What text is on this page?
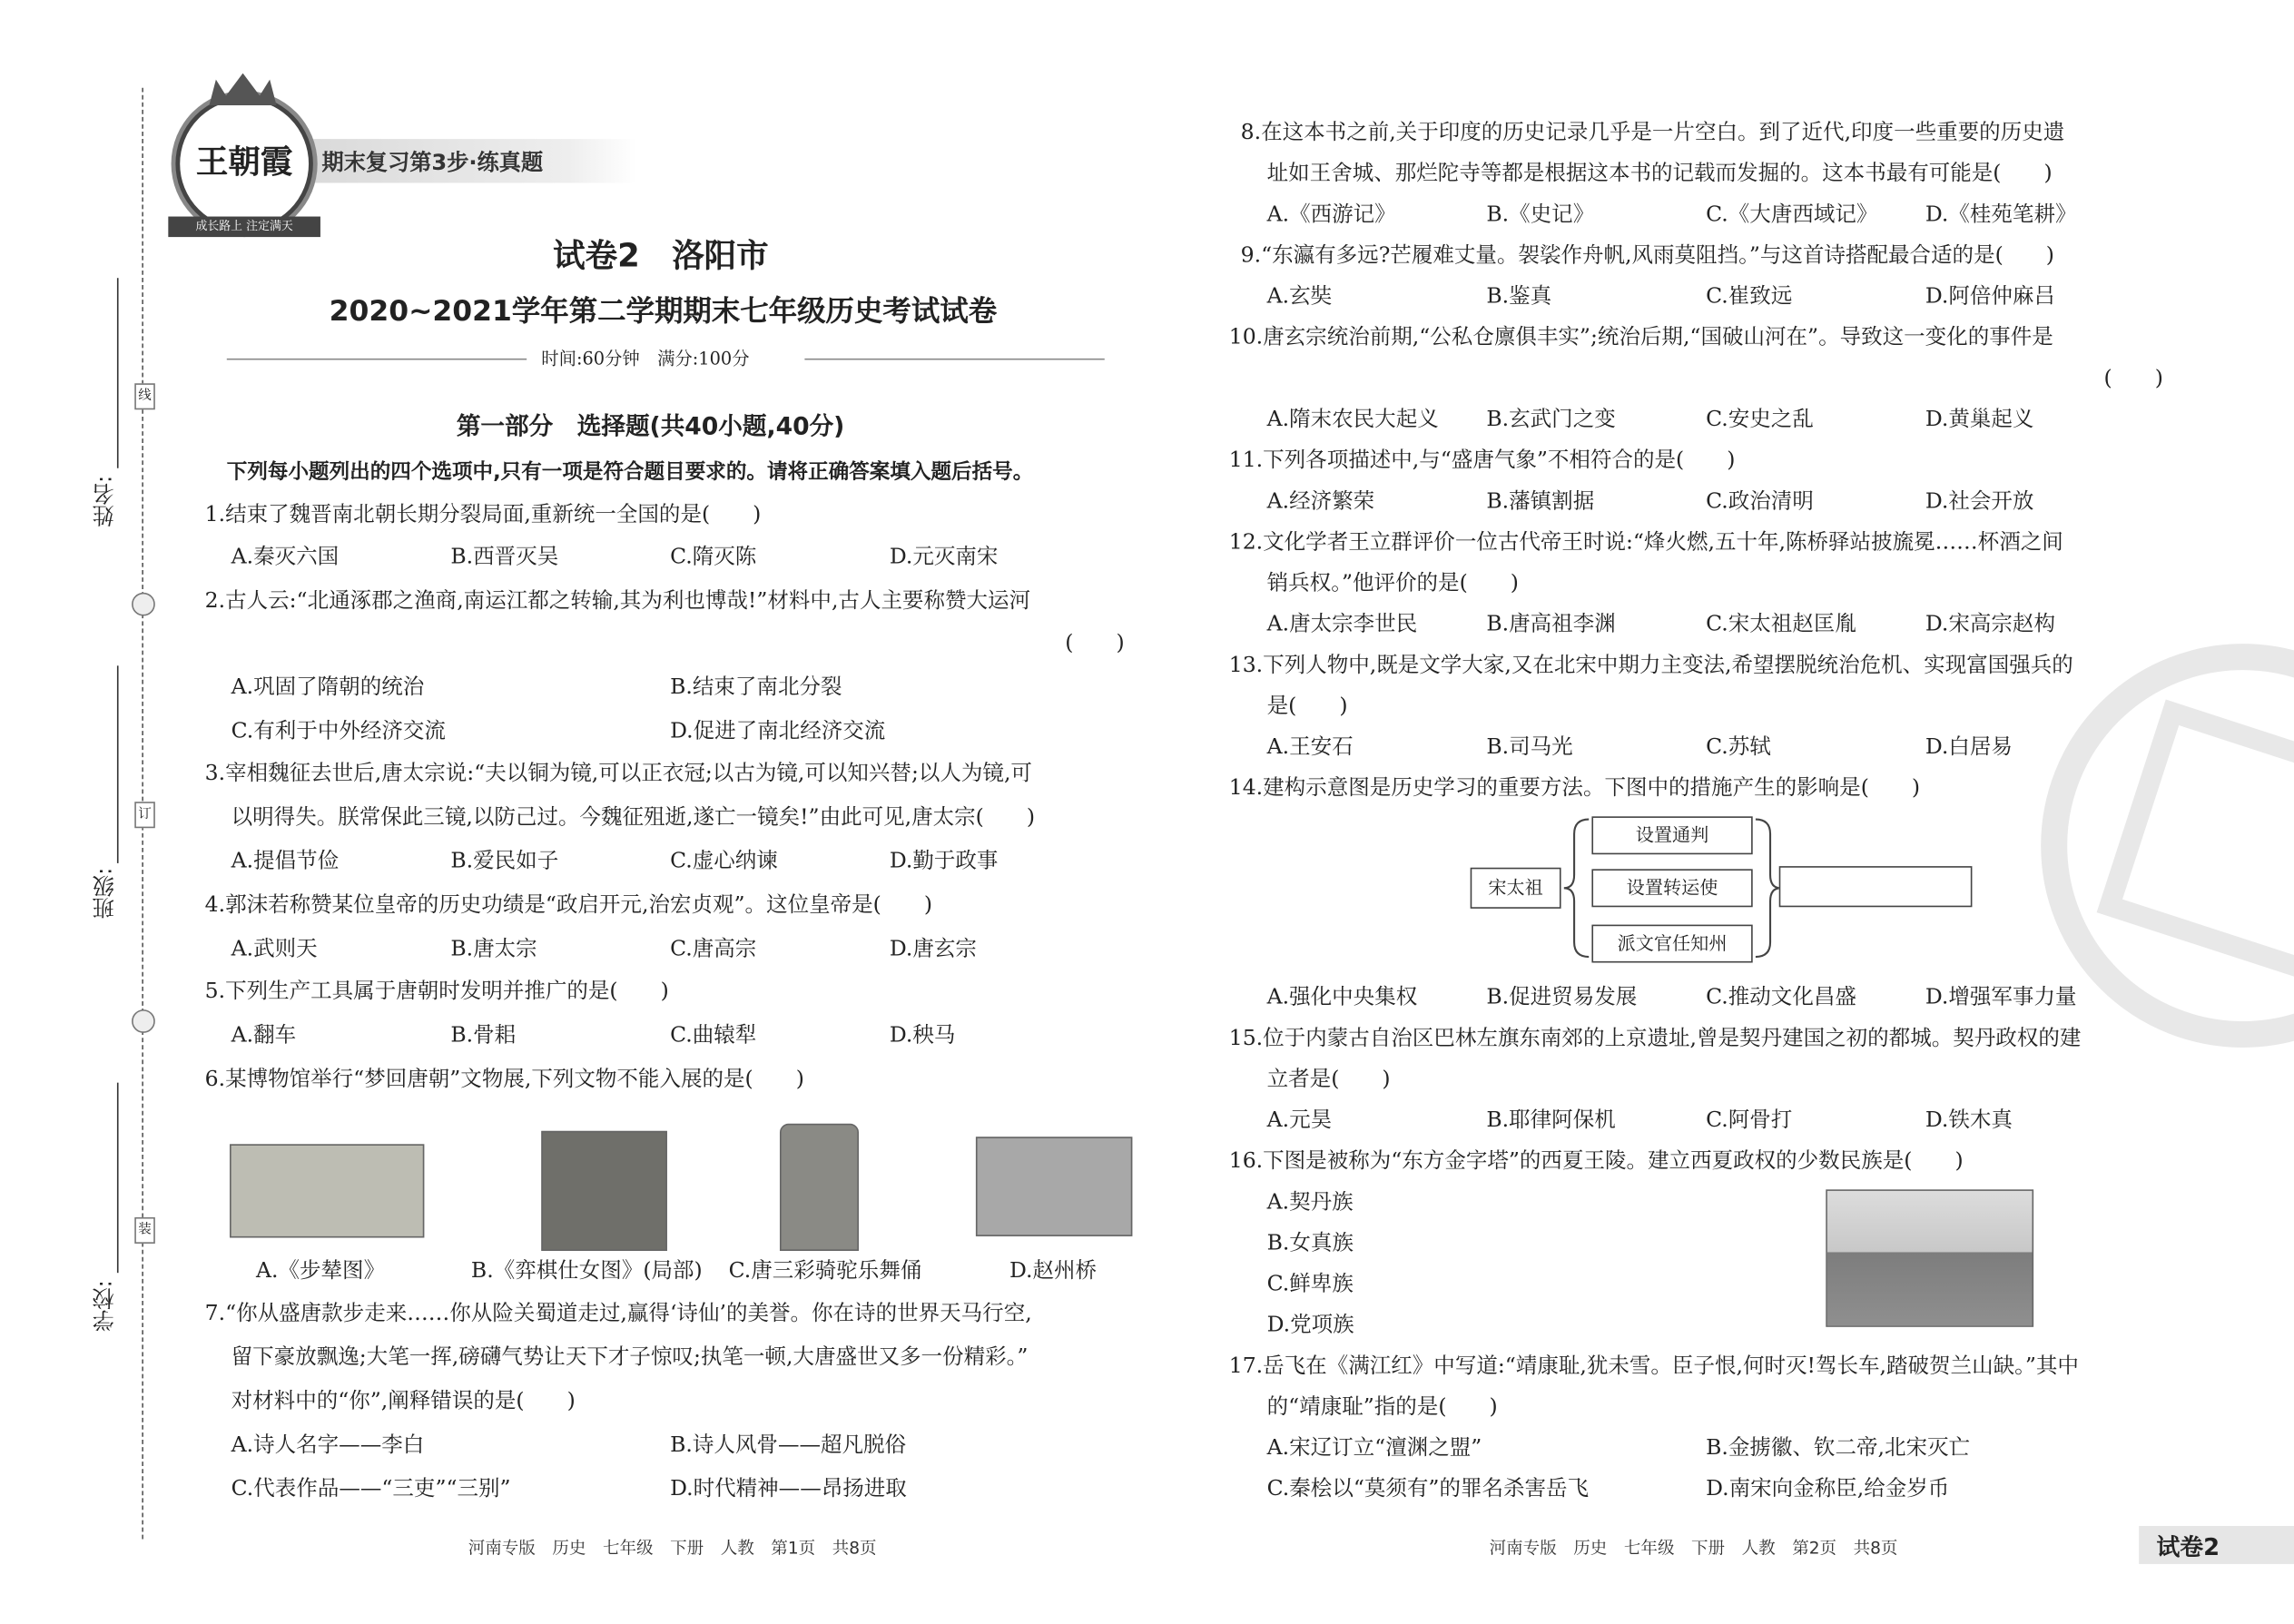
姓名:
班级:
学校:
线
订
装
期末复习第3步·练真题
王朝霞
成长路上 注定满天
试卷2　洛阳市
2020~2021学年第二学期期末七年级历史考试试卷
时间:60分钟　满分:100分
第一部分　选择题(共40小题,40分)
下列每小题列出的四个选项中,只有一项是符合题目要求的。请将正确答案填入题后括号。
1.结束了魏晋南北朝长期分裂局面,重新统一全国的是(　　)
A.秦灭六国	B.西晋灭吴	C.隋灭陈	D.元灭南宋
2.古人云:“北通涿郡之渔商,南运江都之转输,其为利也博哉!”材料中,古人主要称赞大运河
(　　)
A.巩固了隋朝的统治	B.结束了南北分裂
C.有利于中外经济交流	D.促进了南北经济交流
3.宰相魏征去世后,唐太宗说:“夫以铜为镜,可以正衣冠;以古为镜,可以知兴替;以人为镜,可
以明得失。朕常保此三镜,以防己过。今魏征殂逝,遂亡一镜矣!”由此可见,唐太宗(　　)
A.提倡节俭	B.爱民如子	C.虚心纳谏	D.勤于政事
4.郭沫若称赞某位皇帝的历史功绩是“政启开元,治宏贞观”。这位皇帝是(　　)
A.武则天	B.唐太宗	C.唐高宗	D.唐玄宗
5.下列生产工具属于唐朝时发明并推广的是(　　)
A.翻车	B.骨耜	C.曲辕犁	D.秧马
6.某博物馆举行“梦回唐朝”文物展,下列文物不能入展的是(　　)
A.《步辇图》	B.《弈棋仕女图》(局部) C.唐三彩骑驼乐舞俑	D.赵州桥
7.“你从盛唐款步走来……你从险关蜀道走过,赢得‘诗仙’的美誉。你在诗的世界天马行空,
留下豪放飘逸;大笔一挥,磅礴气势让天下才子惊叹;执笔一顿,大唐盛世又多一份精彩。”
对材料中的“你”,阐释错误的是(　　)
A.诗人名字——李白	B.诗人风骨——超凡脱俗
C.代表作品——“三吏”“三别”	D.时代精神——昂扬进取
河南专版　历史　七年级　下册　人教　第1页　共8页
8.在这本书之前,关于印度的历史记录几乎是一片空白。到了近代,印度一些重要的历史遗
址如王舍城、那烂陀寺等都是根据这本书的记载而发掘的。这本书最有可能是(　　)
A.《西游记》	B.《史记》	C.《大唐西域记》	D.《桂苑笔耕》
9.“东瀛有多远?芒履难丈量。袈裟作舟帆,风雨莫阻挡。”与这首诗搭配最合适的是(　　)
A.玄奘	B.鉴真	C.崔致远	D.阿倍仲麻吕
10.唐玄宗统治前期,“公私仓廪俱丰实”;统治后期,“国破山河在”。导致这一变化的事件是
(　　)
A.隋末农民大起义	B.玄武门之变	C.安史之乱	D.黄巢起义
11.下列各项描述中,与“盛唐气象”不相符合的是(　　)
A.经济繁荣	B.藩镇割据	C.政治清明	D.社会开放
12.文化学者王立群评价一位古代帝王时说:“烽火燃,五十年,陈桥驿站披旒冕……杯酒之间
销兵权。”他评价的是(　　)
A.唐太宗李世民	B.唐高祖李渊	C.宋太祖赵匡胤	D.宋高宗赵构
13.下列人物中,既是文学大家,又在北宋中期力主变法,希望摆脱统治危机、实现富国强兵的
是(　　)
A.王安石	B.司马光	C.苏轼	D.白居易
14.建构示意图是历史学习的重要方法。下图中的措施产生的影响是(　　)
宋太祖
设置通判
设置转运使
派文官任知州
A.强化中央集权	B.促进贸易发展	C.推动文化昌盛	D.增强军事力量
15.位于内蒙古自治区巴林左旗东南郊的上京遗址,曾是契丹建国之初的都城。契丹政权的建
立者是(　　)
A.元昊	B.耶律阿保机	C.阿骨打	D.铁木真
16.下图是被称为“东方金字塔”的西夏王陵。建立西夏政权的少数民族是(　　)
A.契丹族
B.女真族
C.鲜卑族
D.党项族
17.岳飞在《满江红》中写道:“靖康耻,犹未雪。臣子恨,何时灭!驾长车,踏破贺兰山缺。”其中
的“靖康耻”指的是(　　)
A.宋辽订立“澶渊之盟”	B.金掳徽、钦二帝,北宋灭亡
C.秦桧以“莫须有”的罪名杀害岳飞	D.南宋向金称臣,给金岁币
河南专版　历史　七年级　下册　人教　第2页　共8页	试卷2
